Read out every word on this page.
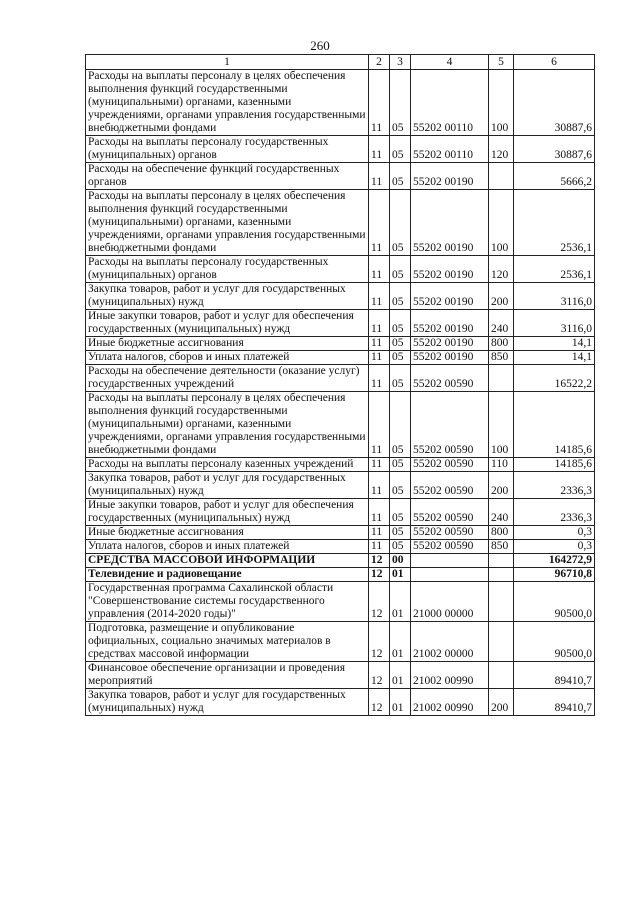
260
1	2	3	4	5	6
Расходы на выплаты персоналу в целях обеспечения выполнения функций государственными (муниципальными) органами, казенными учреждениями, органами управления государственными внебюджетными фондами	11	05	55202 00110	100	30887,6
Расходы на выплаты персоналу государственных (муниципальных) органов	11	05	55202 00110	120	30887,6
Расходы на обеспечение функций государственных органов	11	05	55202 00190		5666,2
Расходы на выплаты персоналу в целях обеспечения выполнения функций государственными (муниципальными) органами, казенными учреждениями, органами управления государственными внебюджетными фондами	11	05	55202 00190	100	2536,1
Расходы на выплаты персоналу государственных (муниципальных) органов	11	05	55202 00190	120	2536,1
Закупка товаров, работ и услуг для государственных (муниципальных) нужд	11	05	55202 00190	200	3116,0
Иные закупки товаров, работ и услуг для обеспечения государственных (муниципальных) нужд	11	05	55202 00190	240	3116,0
Иные бюджетные ассигнования	11	05	55202 00190	800	14,1
Уплата налогов, сборов и иных платежей	11	05	55202 00190	850	14,1
Расходы на обеспечение деятельности (оказание услуг) государственных учреждений	11	05	55202 00590		16522,2
Расходы на выплаты персоналу в целях обеспечения выполнения функций государственными (муниципальными) органами, казенными учреждениями, органами управления государственными внебюджетными фондами	11	05	55202 00590	100	14185,6
Расходы на выплаты персоналу казенных учреждений	11	05	55202 00590	110	14185,6
Закупка товаров, работ и услуг для государственных (муниципальных) нужд	11	05	55202 00590	200	2336,3
Иные закупки товаров, работ и услуг для обеспечения государственных (муниципальных) нужд	11	05	55202 00590	240	2336,3
Иные бюджетные ассигнования	11	05	55202 00590	800	0,3
Уплата налогов, сборов и иных платежей	11	05	55202 00590	850	0,3
СРЕДСТВА МАССОВОЙ ИНФОРМАЦИИ	12	00			164272,9
Телевидение и радиовещание	12	01			96710,8
Государственная программа Сахалинской области "Совершенствование системы государственного управления (2014-2020 годы)"	12	01	21000 00000		90500,0
Подготовка, размещение и опубликование официальных, социально значимых материалов в средствах массовой информации	12	01	21002 00000		90500,0
Финансовое обеспечение организации и проведения мероприятий	12	01	21002 00990		89410,7
Закупка товаров, работ и услуг для государственных (муниципальных) нужд	12	01	21002 00990	200	89410,7
